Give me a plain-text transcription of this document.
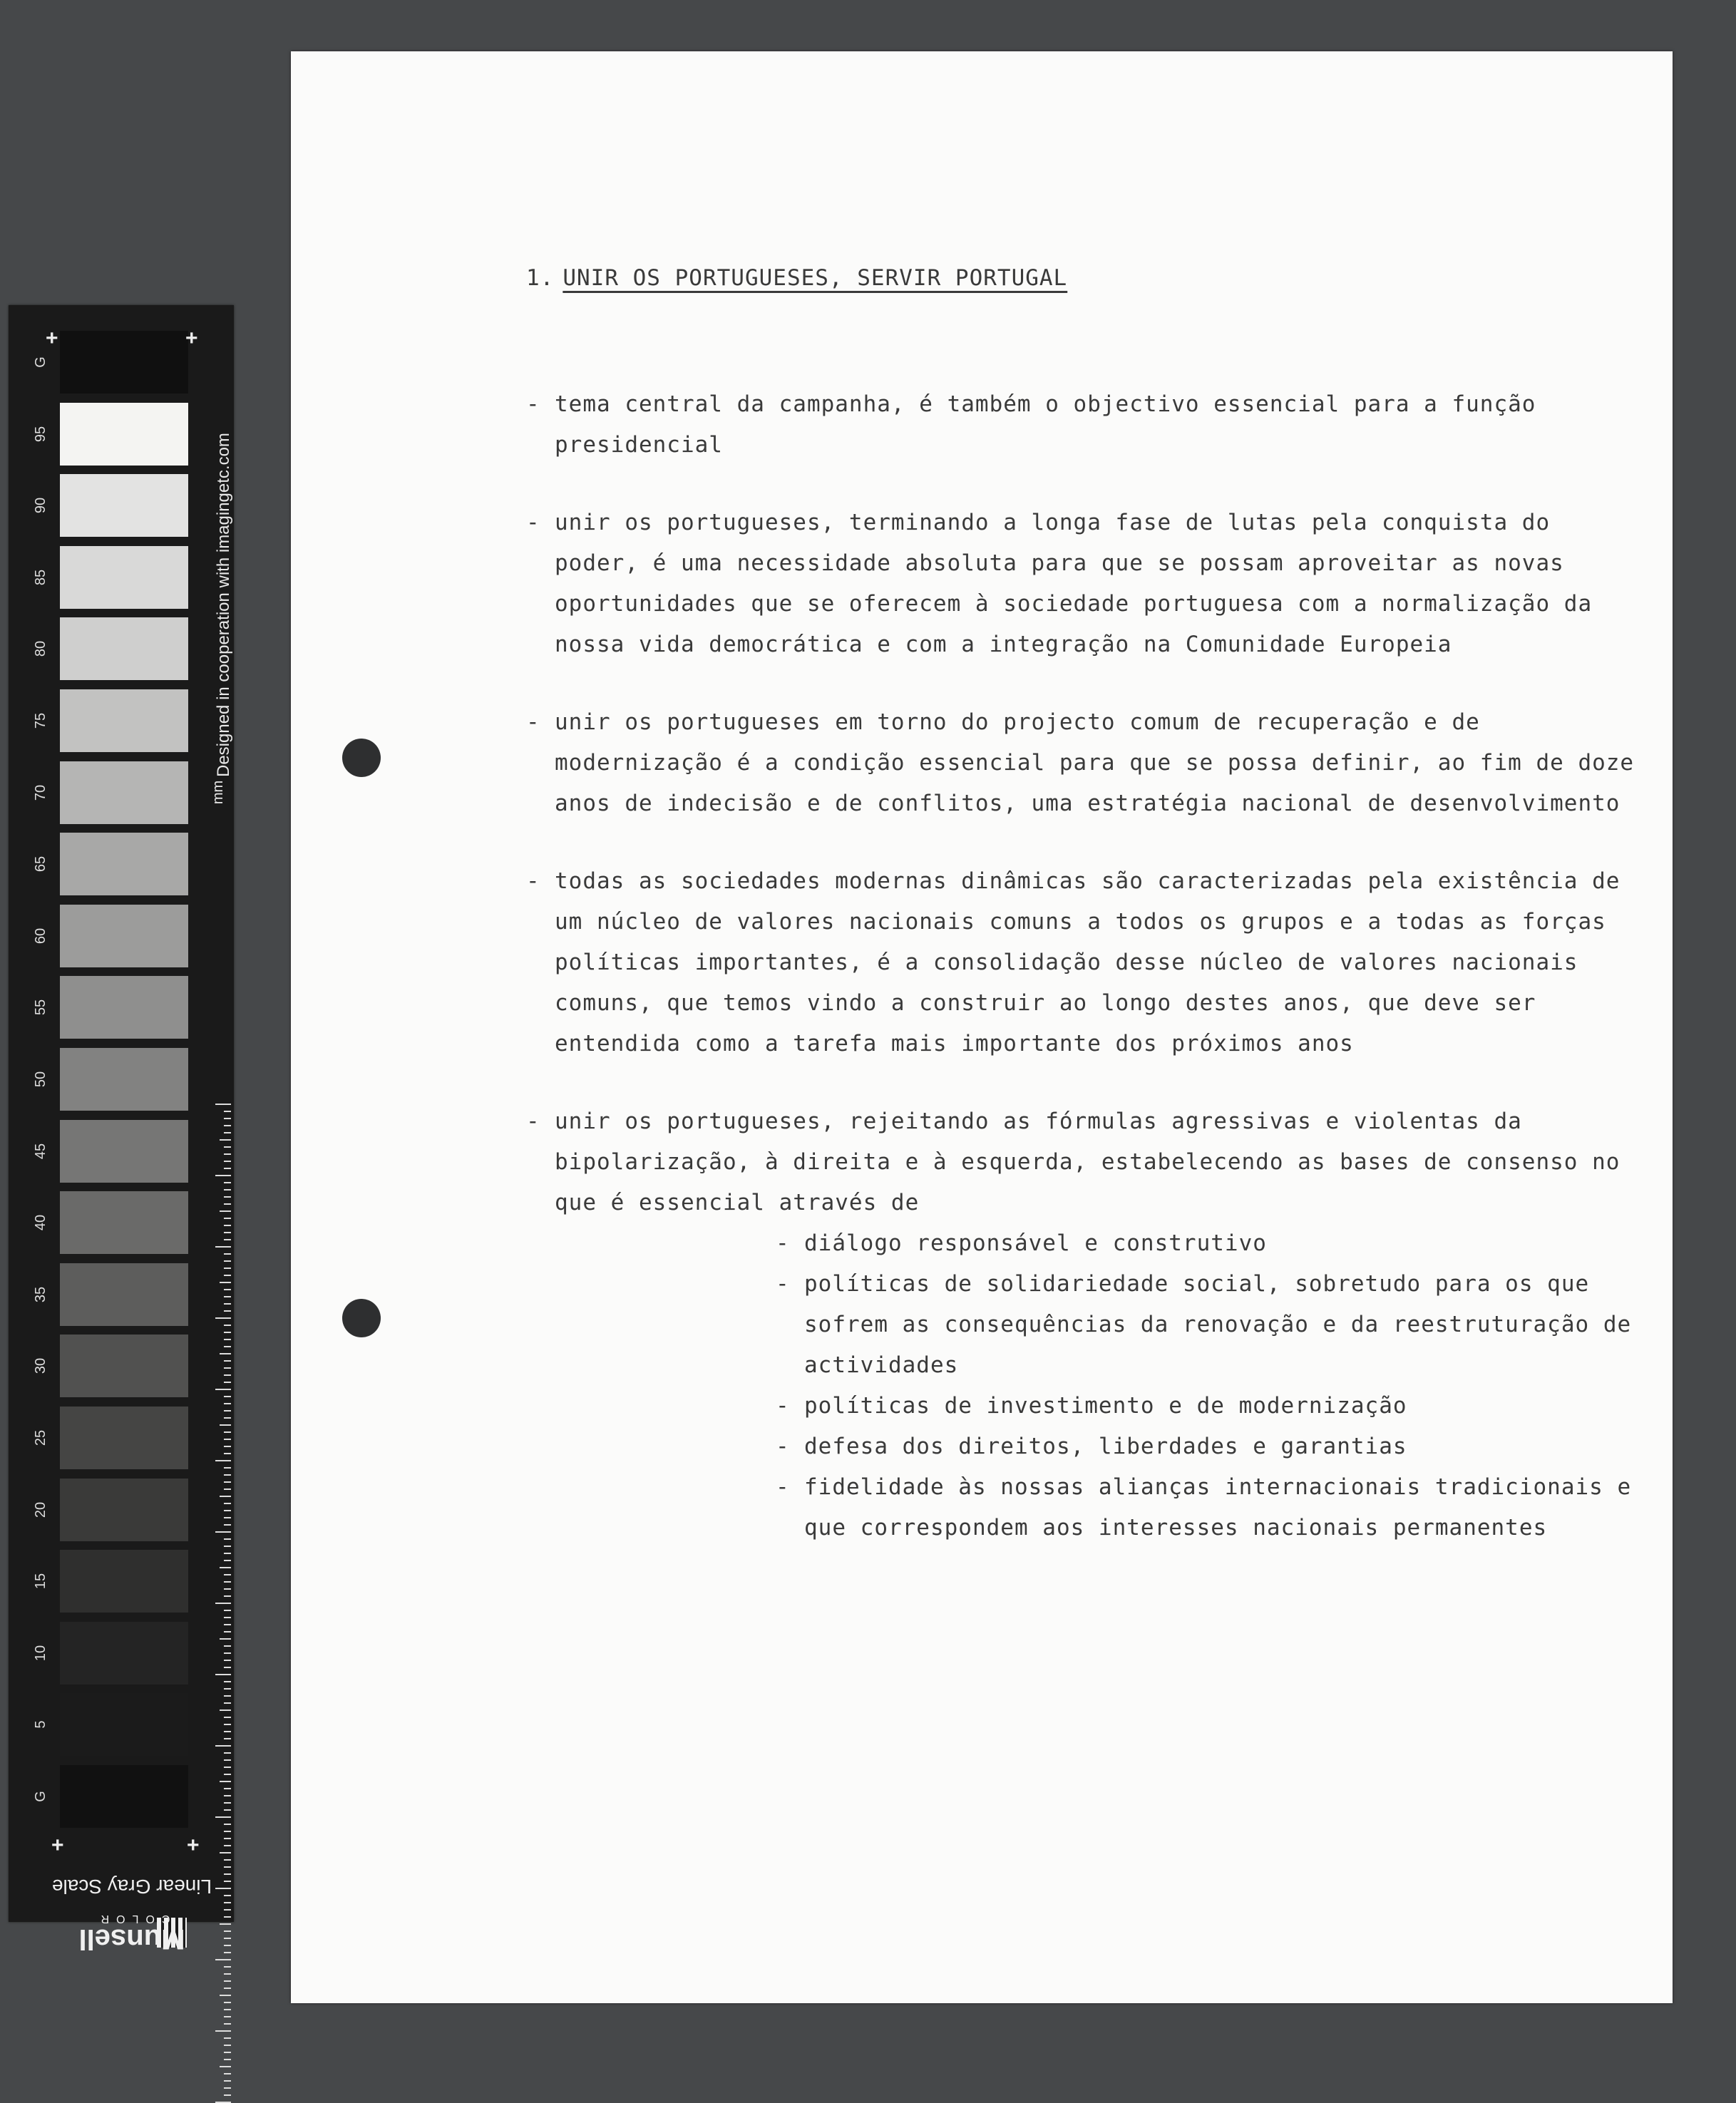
G
95
90
85
80
75
70
65
60
55
50
45
40
35
30
25
20
15
10
5
G
+	+
+	+
Designed in cooperation with imagingetc.com
mm
Linear Gray Scale
Munsell
COLOR
1. UNIR OS PORTUGUESES, SERVIR PORTUGAL
- tema central da campanha, é também o objectivo essencial para a função presidencial
- unir os portugueses, terminando a longa fase de lutas pela conquista do poder, é uma necessidade absoluta para que se possam aproveitar as novas oportunidades que se oferecem à sociedade portuguesa com a normalização da nossa vida democrática e com a integração na Comunidade Europeia
- unir os portugueses em torno do projecto comum de recuperação e de modernização é a condição essencial para que se possa definir, ao fim de doze anos de indecisão e de conflitos, uma estratégia nacional de desenvolvimento
- todas as sociedades modernas dinâmicas são caracterizadas pela existência de um núcleo de valores nacionais comuns a todos os grupos e a todas as forças políticas importantes, é a consolidação desse núcleo de valores nacionais comuns, que temos vindo a construir ao longo destes anos, que deve ser entendida como a tarefa mais importante dos próximos anos
- unir os portugueses, rejeitando as fórmulas agressivas e violentas da bipolarização, à direita e à esquerda, estabelecendo as bases de consenso no que é essencial através de
- diálogo responsável e construtivo
- políticas de solidariedade social, sobretudo para os que sofrem as consequências da renovação e da reestruturação de actividades
- políticas de investimento e de modernização
- defesa dos direitos, liberdades e garantias
- fidelidade às nossas alianças internacionais tradicionais e que correspondem aos interesses nacionais permanentes
